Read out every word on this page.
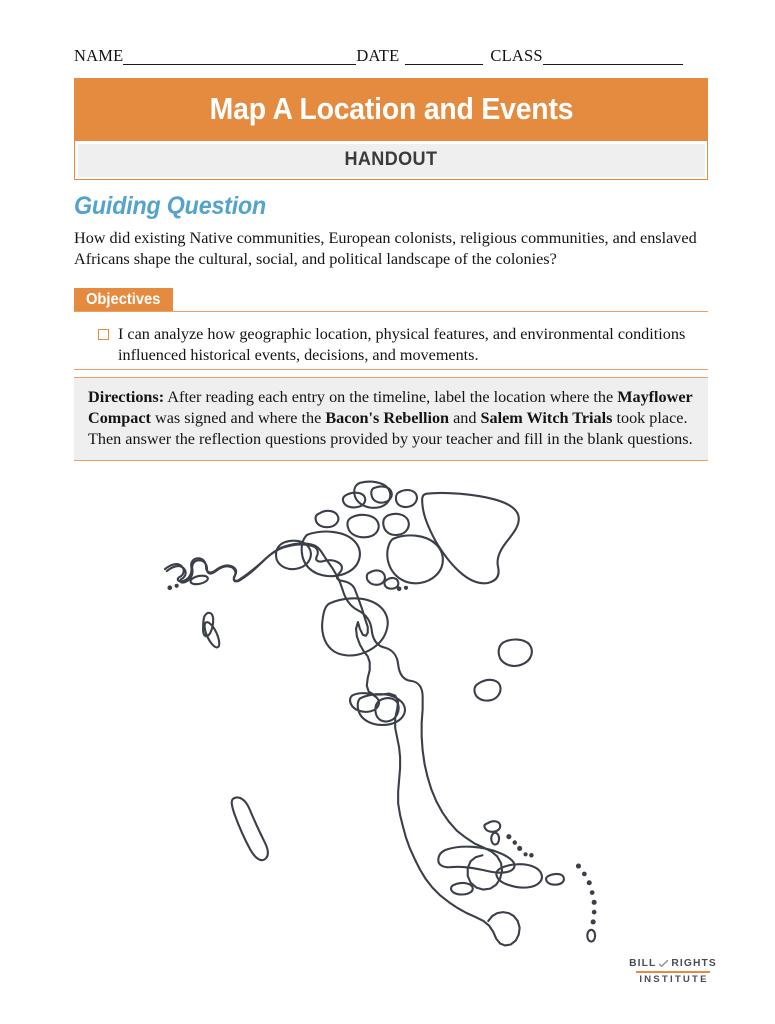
NAME	DATE	CLASS
Map A Location and Events
HANDOUT
Guiding Question
How did existing Native communities, European colonists, religious communities, and enslaved Africans shape the cultural, social, and political landscape of the colonies?
Objectives
I can analyze how geographic location, physical features, and environmental conditions influenced historical events, decisions, and movements.
Directions: After reading each entry on the timeline, label the location where the Mayflower Compact was signed and where the Bacon's Rebellion and Salem Witch Trials took place. Then answer the reflection questions provided by your teacher and fill in the blank questions.
BILL RIGHTS
INSTITUTE
